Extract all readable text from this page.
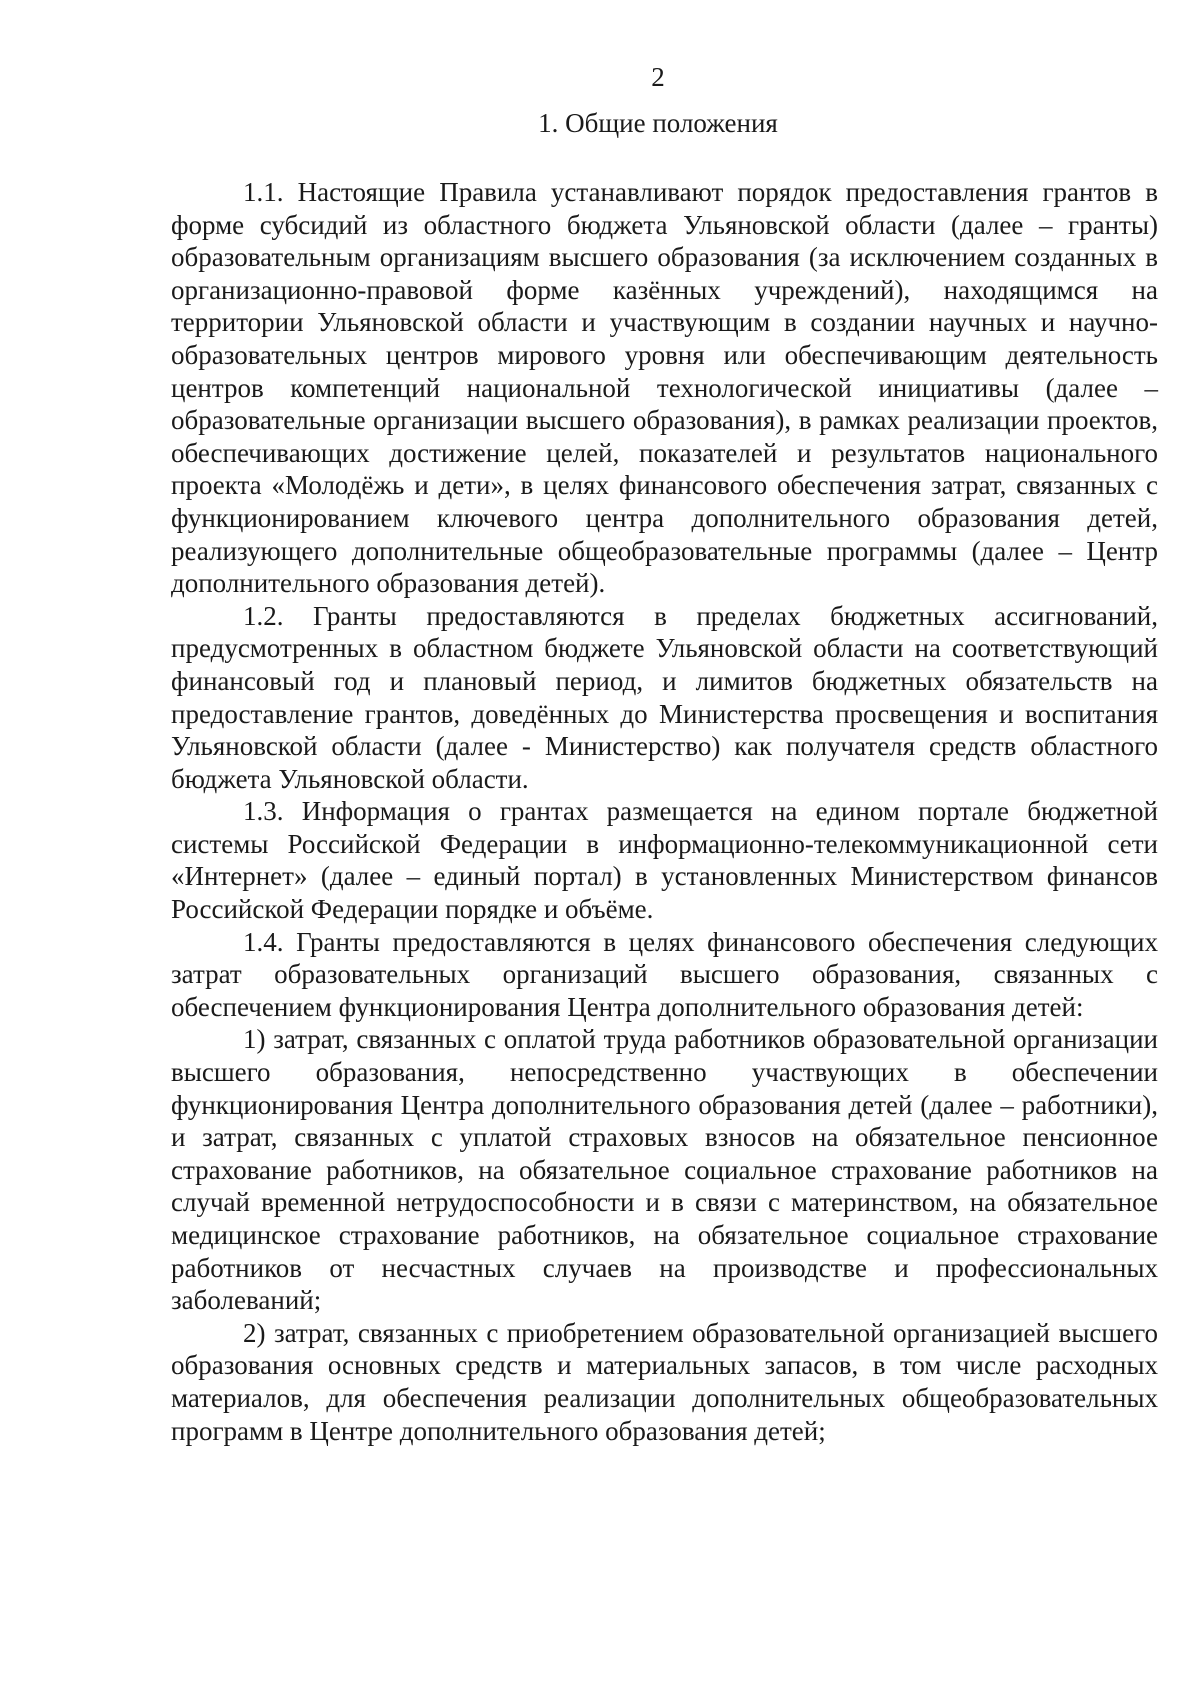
2
1. Общие положения

1.1. Настоящие Правила устанавливают порядок предоставления грантов в форме субсидий из областного бюджета Ульяновской области (далее – гранты) образовательным организациям высшего образования (за исключением созданных в организационно-правовой форме казённых учреждений), находящимся на территории Ульяновской области и участвующим в создании научных и научно-образовательных центров мирового уровня или обеспечивающим деятельность центров компетенций национальной технологической инициативы (далее – образовательные организации высшего образования), в рамках реализации проектов, обеспечивающих достижение целей, показателей и результатов национального проекта «Молодёжь и дети», в целях финансового обеспечения затрат, связанных с функционированием ключевого центра дополнительного образования детей, реализующего дополнительные общеобразовательные программы (далее – Центр дополнительного образования детей).

1.2. Гранты предоставляются в пределах бюджетных ассигнований, предусмотренных в областном бюджете Ульяновской области на соответствующий финансовый год и плановый период, и лимитов бюджетных обязательств на предоставление грантов, доведённых до Министерства просвещения и воспитания Ульяновской области (далее - Министерство) как получателя средств областного бюджета Ульяновской области.

1.3. Информация о грантах размещается на едином портале бюджетной системы Российской Федерации в информационно-телекоммуникационной сети «Интернет» (далее – единый портал) в установленных Министерством финансов Российской Федерации порядке и объёме.

1.4. Гранты предоставляются в целях финансового обеспечения следующих затрат образовательных организаций высшего образования, связанных с обеспечением функционирования Центра дополнительного образования детей:

1) затрат, связанных с оплатой труда работников образовательной организации высшего образования, непосредственно участвующих в обеспечении функционирования Центра дополнительного образования детей (далее – работники), и затрат, связанных с уплатой страховых взносов на обязательное пенсионное страхование работников, на обязательное социальное страхование работников на случай временной нетрудоспособности и в связи с материнством, на обязательное медицинское страхование работников, на обязательное социальное страхование работников от несчастных случаев на производстве и профессиональных заболеваний;

2) затрат, связанных с приобретением образовательной организацией высшего образования основных средств и материальных запасов, в том числе расходных материалов, для обеспечения реализации дополнительных общеобразовательных программ в Центре дополнительного образования детей;
